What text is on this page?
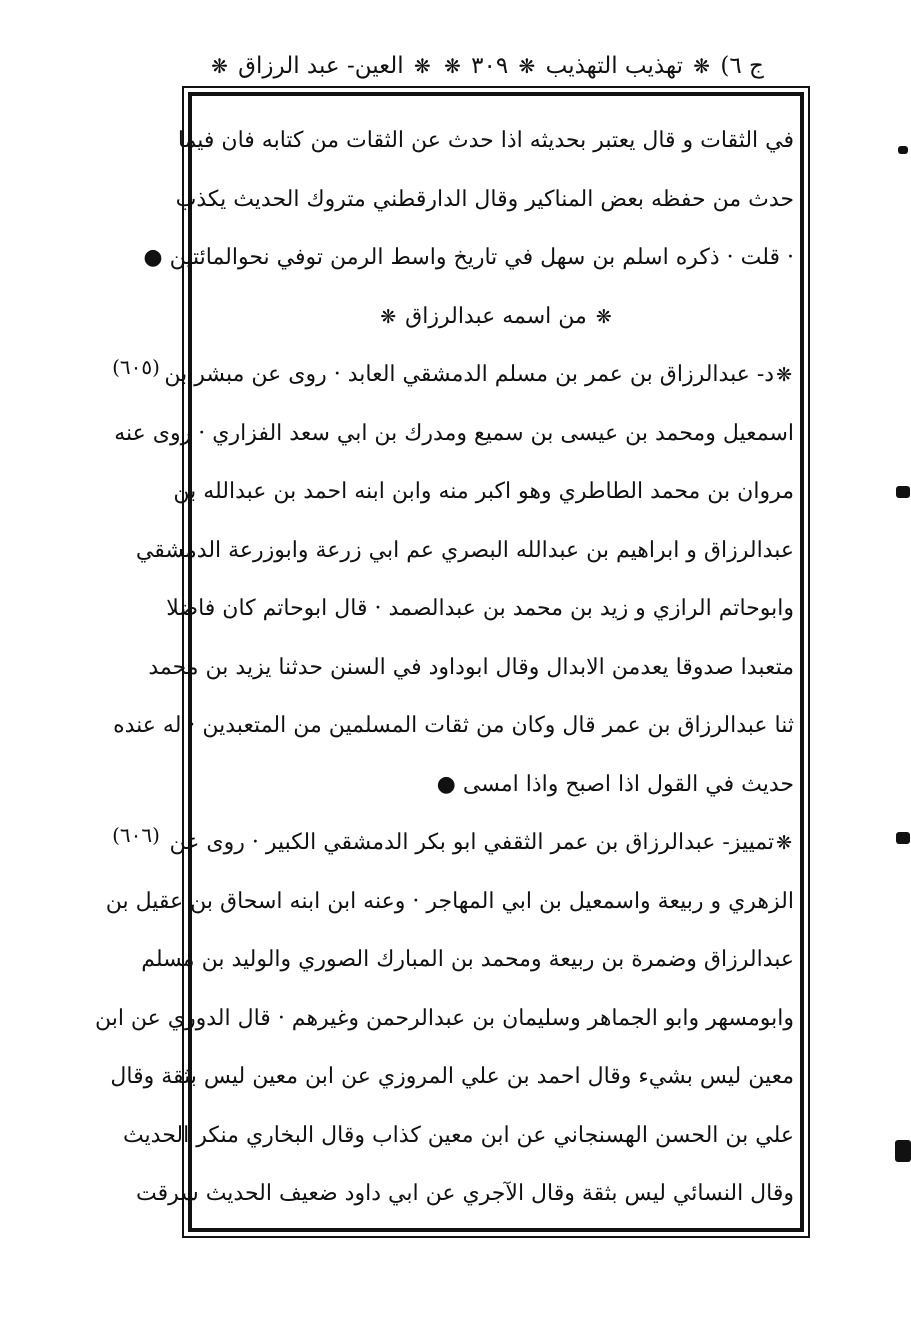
ج ٦) ❋ تهذيب التهذيب ❋ ٣٠٩ ❋ ❋ العين- عبد الرزاق ❋
(٦٠٥)
(٦٠٦)
في الثقات و قال يعتبر بحديثه اذا حدث عن الثقات من كتابه فان فيما
حدث من حفظه بعض المناكير وقال الدارقطني متروك الحديث يكذب
· قلت · ذكره اسلم بن سهل في تاريخ واسط الرمن توفي نحوالمائتين ●
❋ من اسمه عبدالرزاق ❋
❋د- عبدالرزاق بن عمر بن مسلم الدمشقي العابد · روى عن مبشر بن
اسمعيل ومحمد بن عيسى بن سميع ومدرك بن ابي سعد الفزاري · روى عنه
مروان بن محمد الطاطري وهو اكبر منه وابن ابنه احمد بن عبدالله بن
عبدالرزاق و ابراهيم بن عبدالله البصري عم ابي زرعة وابوزرعة الدمشقي
وابوحاتم الرازي و زيد بن محمد بن عبدالصمد · قال ابوحاتم كان فاضلا
متعبدا صدوقا يعدمن الابدال وقال ابوداود في السنن حدثنا يزيد بن محمد
ثنا عبدالرزاق بن عمر قال وكان من ثقات المسلمين من المتعبدين · له عنده
حديث في القول اذا اصبح واذا امسى ●
❋تمييز- عبدالرزاق بن عمر الثقفي ابو بكر الدمشقي الكبير · روى عن
الزهري و ربيعة واسمعيل بن ابي المهاجر · وعنه ابن ابنه اسحاق بن عقيل بن
عبدالرزاق وضمرة بن ربيعة ومحمد بن المبارك الصوري والوليد بن مسلم
وابومسهر وابو الجماهر وسليمان بن عبدالرحمن وغيرهم · قال الدوري عن ابن
معين ليس بشيء وقال احمد بن علي المروزي عن ابن معين ليس بثقة وقال
علي بن الحسن الهسنجاني عن ابن معين كذاب وقال البخاري منكر الحديث
وقال النسائي ليس بثقة وقال الآجري عن ابي داود ضعيف الحديث سرقت
